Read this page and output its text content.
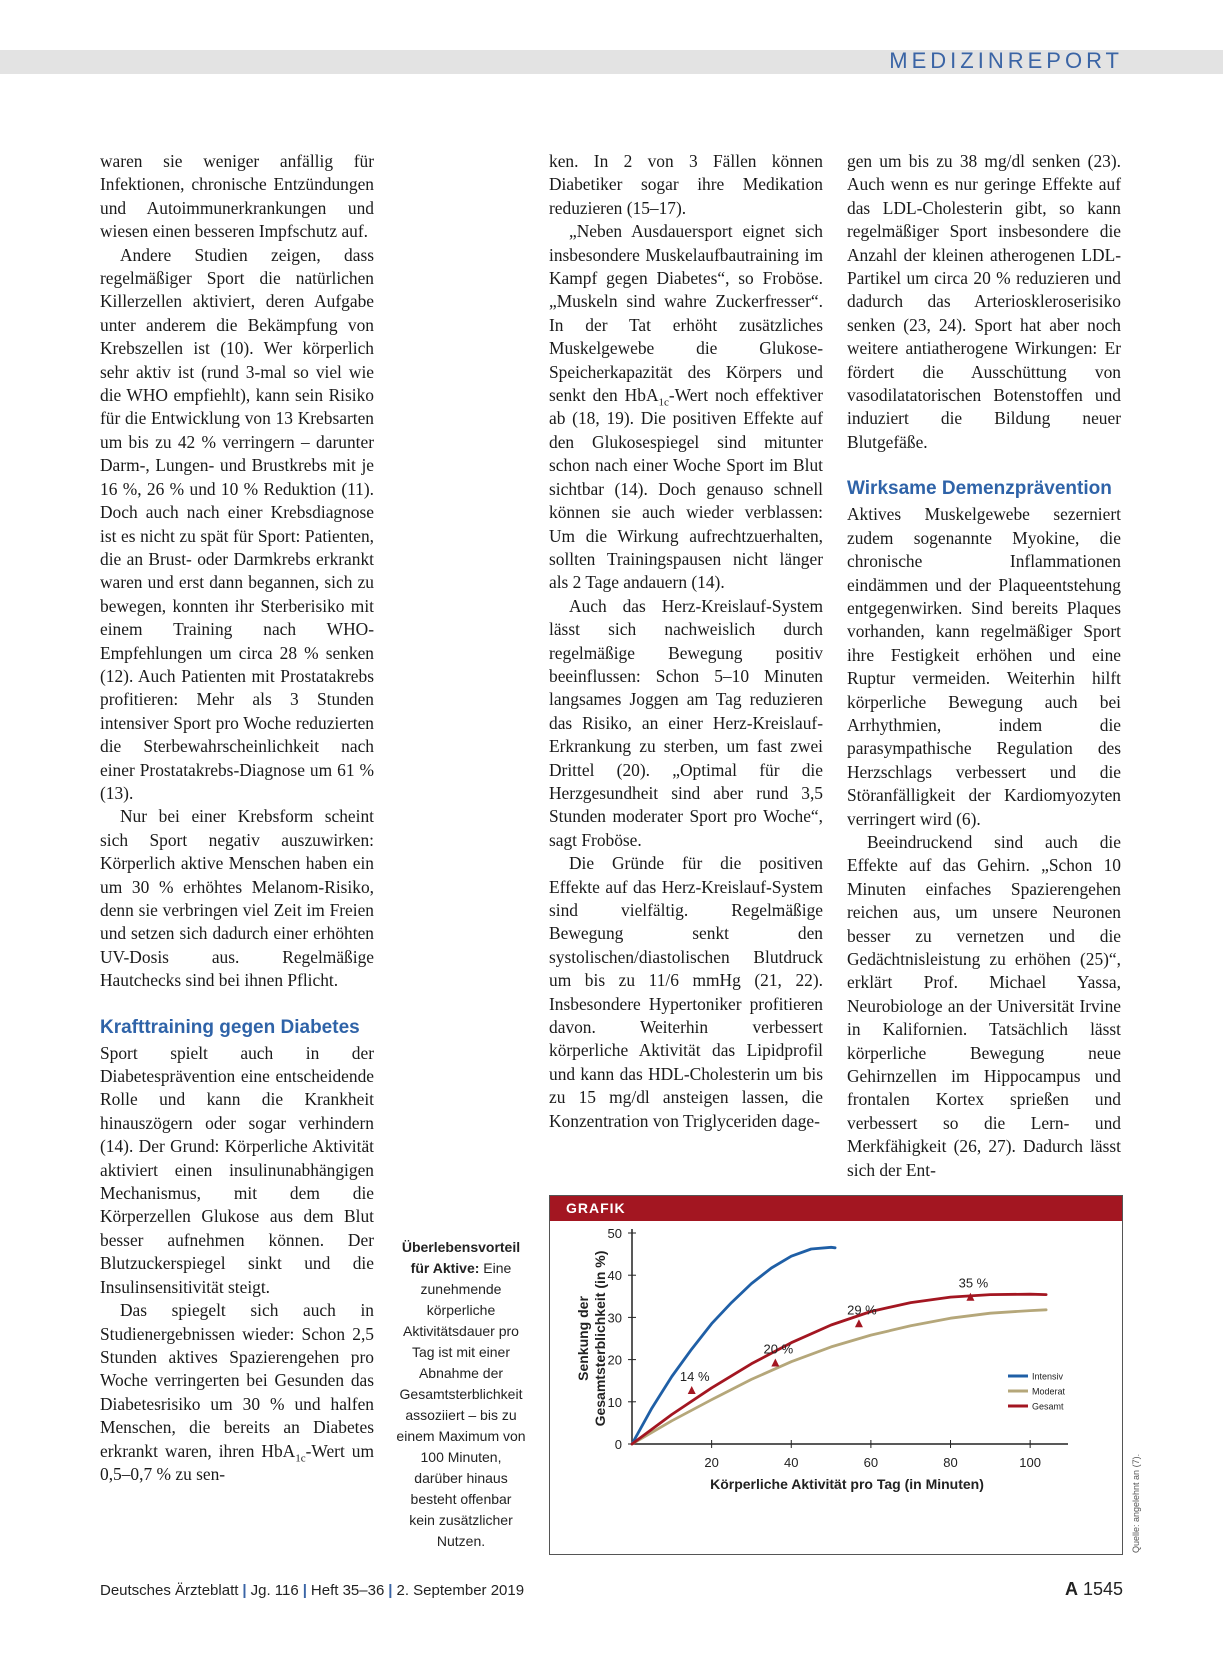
MEDIZINREPORT

waren sie weniger anfällig für Infektionen, chronische Entzündungen und Autoimmunerkrankungen und wiesen einen besseren Impfschutz auf.

Andere Studien zeigen, dass regelmäßiger Sport die natürlichen Killerzellen aktiviert, deren Aufgabe unter anderem die Bekämpfung von Krebszellen ist (10). Wer körperlich sehr aktiv ist (rund 3-mal so viel wie die WHO empfiehlt), kann sein Risiko für die Entwicklung von 13 Krebsarten um bis zu 42 % verringern – darunter Darm-, Lungen- und Brustkrebs mit je 16 %, 26 % und 10 % Reduktion (11). Doch auch nach einer Krebsdiagnose ist es nicht zu spät für Sport: Patienten, die an Brust- oder Darmkrebs erkrankt waren und erst dann begannen, sich zu bewegen, konnten ihr Sterberisiko mit einem Training nach WHO-Empfehlungen um circa 28 % senken (12). Auch Patienten mit Prostatakrebs profitieren: Mehr als 3 Stunden intensiver Sport pro Woche reduzierten die Sterbewahrscheinlichkeit nach einer Prostatakrebs-Diagnose um 61 % (13).

Nur bei einer Krebsform scheint sich Sport negativ auszuwirken: Körperlich aktive Menschen haben ein um 30 % erhöhtes Melanom-Risiko, denn sie verbringen viel Zeit im Freien und setzen sich dadurch einer erhöhten UV-Dosis aus. Regelmäßige Hautchecks sind bei ihnen Pflicht.

Krafttraining gegen Diabetes

Sport spielt auch in der Diabetesprävention eine entscheidende Rolle und kann die Krankheit hinauszögern oder sogar verhindern (14). Der Grund: Körperliche Aktivität aktiviert einen insulinunabhängigen Mechanismus, mit dem die Körperzellen Glukose aus dem Blut besser aufnehmen können. Der Blutzuckerspiegel sinkt und die Insulinsensitivität steigt.

Das spiegelt sich auch in Studienergebnissen wieder: Schon 2,5 Stunden aktives Spazierengehen pro Woche verringerten bei Gesunden das Diabetesrisiko um 30 % und halfen Menschen, die bereits an Diabetes erkrankt waren, ihren HbA$_{1c}$-Wert um 0,5–0,7 % zu sen-

ken. In 2 von 3 Fällen können Diabetiker sogar ihre Medikation reduzieren (15–17).

„Neben Ausdauersport eignet sich insbesondere Muskelaufbautraining im Kampf gegen Diabetes“, so Froböse. „Muskeln sind wahre Zuckerfresser“. In der Tat erhöht zusätzliches Muskelgewebe die Glukose-Speicherkapazität des Körpers und senkt den HbA$_{1c}$-Wert noch effektiver ab (18, 19). Die positiven Effekte auf den Glukosespiegel sind mitunter schon nach einer Woche Sport im Blut sichtbar (14). Doch genauso schnell können sie auch wieder verblassen: Um die Wirkung aufrechtzuerhalten, sollten Trainingspausen nicht länger als 2 Tage andauern (14).

Auch das Herz-Kreislauf-System lässt sich nachweislich durch regelmäßige Bewegung positiv beeinflussen: Schon 5–10 Minuten langsames Joggen am Tag reduzieren das Risiko, an einer Herz-Kreislauf-Erkrankung zu sterben, um fast zwei Drittel (20). „Optimal für die Herzgesundheit sind aber rund 3,5 Stunden moderater Sport pro Woche“, sagt Froböse.

Die Gründe für die positiven Effekte auf das Herz-Kreislauf-System sind vielfältig. Regelmäßige Bewegung senkt den systolischen/diastolischen Blutdruck um bis zu 11/6 mmHg (21, 22). Insbesondere Hypertoniker profitieren davon. Weiterhin verbessert körperliche Aktivität das Lipidprofil und kann das HDL-Cholesterin um bis zu 15 mg/dl ansteigen lassen, die Konzentration von Triglyceriden dage-

gen um bis zu 38 mg/dl senken (23). Auch wenn es nur geringe Effekte auf das LDL-Cholesterin gibt, so kann regelmäßiger Sport insbesondere die Anzahl der kleinen atherogenen LDL-Partikel um circa 20 % reduzieren und dadurch das Arterioskleroserisiko senken (23, 24). Sport hat aber noch weitere antiatherogene Wirkungen: Er fördert die Ausschüttung von vasodilatatorischen Botenstoffen und induziert die Bildung neuer Blutgefäße.

Wirksame Demenzprävention

Aktives Muskelgewebe sezerniert zudem sogenannte Myokine, die chronische Inflammationen eindämmen und der Plaqueentstehung entgegenwirken. Sind bereits Plaques vorhanden, kann regelmäßiger Sport ihre Festigkeit erhöhen und eine Ruptur vermeiden. Weiterhin hilft körperliche Bewegung auch bei Arrhythmien, indem die parasympathische Regulation des Herzschlags verbessert und die Störanfälligkeit der Kardiomyozyten verringert wird (6).

Beeindruckend sind auch die Effekte auf das Gehirn. „Schon 10 Minuten einfaches Spazierengehen reichen aus, um unsere Neuronen besser zu vernetzen und die Gedächtnisleistung zu erhöhen (25)“, erklärt Prof. Michael Yassa, Neurobiologe an der Universität Irvine in Kalifornien. Tatsächlich lässt körperliche Bewegung neue Gehirnzellen im Hippocampus und frontalen Kortex sprießen und verbessert so die Lern- und Merkfähigkeit (26, 27). Dadurch lässt sich der Ent-

Überlebensvorteil für Aktive: Eine zunehmende körperliche Aktivitätsdauer pro Tag ist mit einer Abnahme der Gesamtsterblichkeit assoziiert – bis zu einem Maximum von 100 Minuten, darüber hinaus besteht offenbar kein zusätzlicher Nutzen.
GRAFIK
0
10
20
30
40
50
20	40	60	80	100
Körperliche Aktivität pro Tag (in Minuten)
Senkung derGesamtsterblichkeit (in %)	14 %
20 %
29 %
35 %
Intensiv
Moderat
Gesamt
Quelle: angelehnt an (7).
Deutsches Ärzteblatt | Jg. 116 | Heft 35–36 | 2. September 2019	A 1545
